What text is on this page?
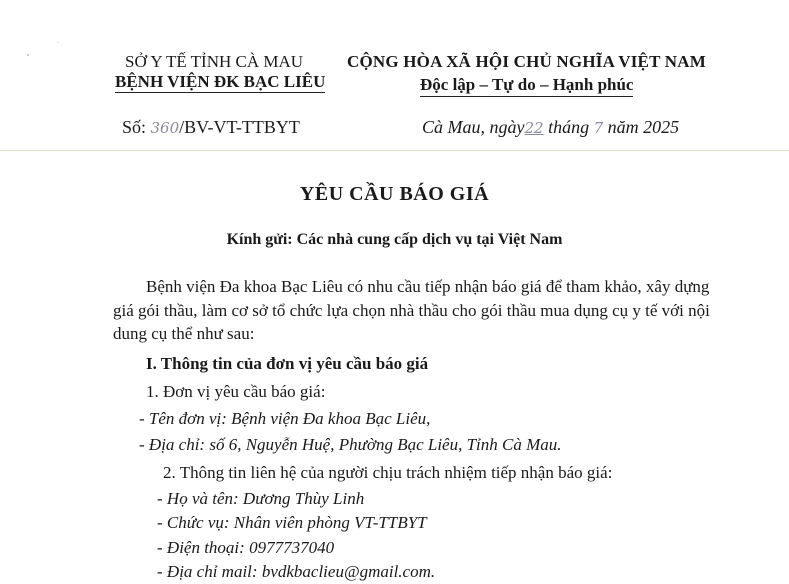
SỞ Y TẾ TỈNH CÀ MAU
BỆNH VIỆN ĐK BẠC LIÊU
CỘNG HÒA XÃ HỘI CHỦ NGHĨA VIỆT NAM
Độc lập – Tự do – Hạnh phúc
Số: 360/BV-VT-TTBYT	Cà Mau, ngày22 tháng 7 năm 2025
YÊU CẦU BÁO GIÁ
Kính gửi: Các nhà cung cấp dịch vụ tại Việt Nam
Bệnh viện Đa khoa Bạc Liêu có nhu cầu tiếp nhận báo giá để tham khảo, xây dựng
giá gói thầu, làm cơ sở tổ chức lựa chọn nhà thầu cho gói thầu mua dụng cụ y tế với nội
dung cụ thể như sau:
I. Thông tin của đơn vị yêu cầu báo giá
1. Đơn vị yêu cầu báo giá:
- Tên đơn vị: Bệnh viện Đa khoa Bạc Liêu,
- Địa chỉ: số 6, Nguyễn Huệ, Phường Bạc Liêu, Tỉnh Cà Mau.
2. Thông tin liên hệ của người chịu trách nhiệm tiếp nhận báo giá:
- Họ và tên: Dương Thùy Linh
- Chức vụ: Nhân viên phòng VT-TTBYT
- Điện thoại: 0977737040
- Địa chỉ mail: bvdkbaclieu@gmail.com.
